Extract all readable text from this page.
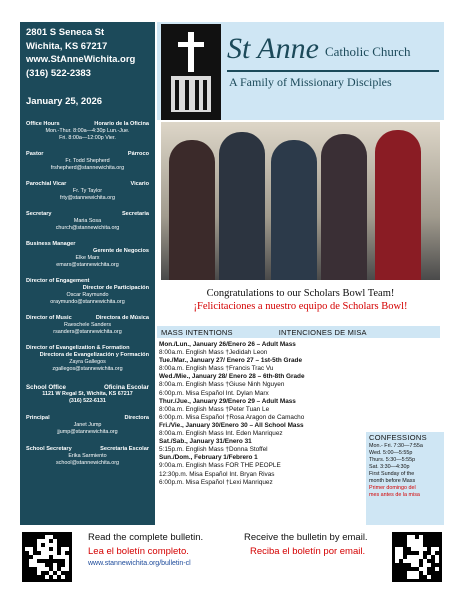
2801 S Seneca St
Wichita, KS 67217
www.StAnneWichita.org
(316) 522-2383
January 25, 2026
Office Hours	Horario de la Oficina
Mon.-Thur. 8:00a—4:30p Lun.-Jue.
Fri. 8:00a—12:00p Vier.
Pastor	Párroco
Fr. Todd Shepherd
frshepherd@stannewichita.org
Parochial Vicar	Vicario
Fr. Ty Taylor
frty@stannewichita.org
Secretary	Secretaria
Maria Sosa
church@stannewichita.org
Business Manager
Gerente de Negocios
Elke Marx
emarx@stannewichita.org
Director of Engagement
Director de Participación
Oscar Raymundo
oraymundo@stannewichita.org
Director of Music	Directora de Música
Raeschele Sanders
rsanders@stannewichita.org
Director of Evangelization & Formation
Directora de Evangelización y Formación
Zayra Gallegos
zgallegos@stannewichita.org
School Office	Oficina Escolar
1121 W Regal St, Wichita, KS 67217
(316) 522-6131
Principal	Directora
Janet Jump
jjump@stannewichita.org
School Secretary	Secretaria Escolar
Erika Sarmiento
school@stannewichita.org
St Anne Catholic Church
A Family of Missionary Disciples
Congratulations to our Scholars Bowl Team!
¡Felicitaciones a nuestro equipo de Scholars Bowl!
MASS INTENTIONS	INTENCIONES DE MISA
Mon./Lun., January 26/Enero 26 – Adult Mass
8:00a.m. English Mass †Jedidah Leon
Tue./Mar., January 27/ Enero 27 – 1st-5th Grade
8:00a.m. English Mass †Francis Trac Vu
Wed./Mie., January 28/ Enero 28 – 6th-8th Grade
8:00a.m. English Mass †Giuse Ninh Nguyen
6:00p.m. Misa Español Int. Dylan Marx
Thur./Jue., January 29/Enero 29 – Adult Mass
8:00a.m. English Mass †Peter Tuan Le
6:00p.m. Misa Español †Rosa Aragon de Camacho
Fri./Vie., January 30/Enero 30 – All School Mass
8:00a.m. English Mass Int. Eden Manriquez
Sat./Sab., January 31/Enero 31
5:15p.m. English Mass †Donna Stoffel
Sun./Dom., February 1/Febrero 1
9:00a.m. English Mass FOR THE PEOPLE
12:30p.m. Misa Español Int. Bryan Rivas
6:00p.m. Misa Español †Lexi Manriquez
CONFESSIONS
Mon.- Fri. 7:30—7:55a
Wed. 5:00—5:55p
Thurs. 5:30—5:55p
Sat. 3:30—4:30p
First Sunday of the
month before Mass
Primer domingo del
mes antes de la misa
Read the complete bulletin.
Lea el boletín completo.
www.stannewichita.org/bulletin-cl
Receive the bulletin by email.
Reciba el boletín por email.
